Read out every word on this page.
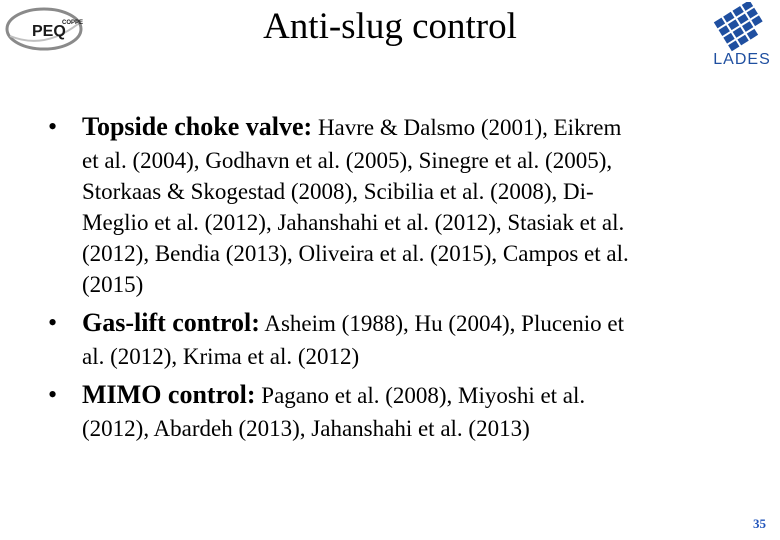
PEQ
COPPE	Anti-slug control
LADES
• Topside choke valve: Havre & Dalsmo (2001), Eikrem
et al. (2004), Godhavn et al. (2005), Sinegre et al. (2005),
Storkaas & Skogestad (2008), Scibilia et al. (2008), Di-
Meglio et al. (2012), Jahanshahi et al. (2012), Stasiak et al.
(2012), Bendia (2013), Oliveira et al. (2015), Campos et al.
(2015)
• Gas-lift control: Asheim (1988), Hu (2004), Plucenio et
al. (2012), Krima et al. (2012)
• MIMO control: Pagano et al. (2008), Miyoshi et al.
(2012), Abardeh (2013), Jahanshahi et al. (2013)
35
